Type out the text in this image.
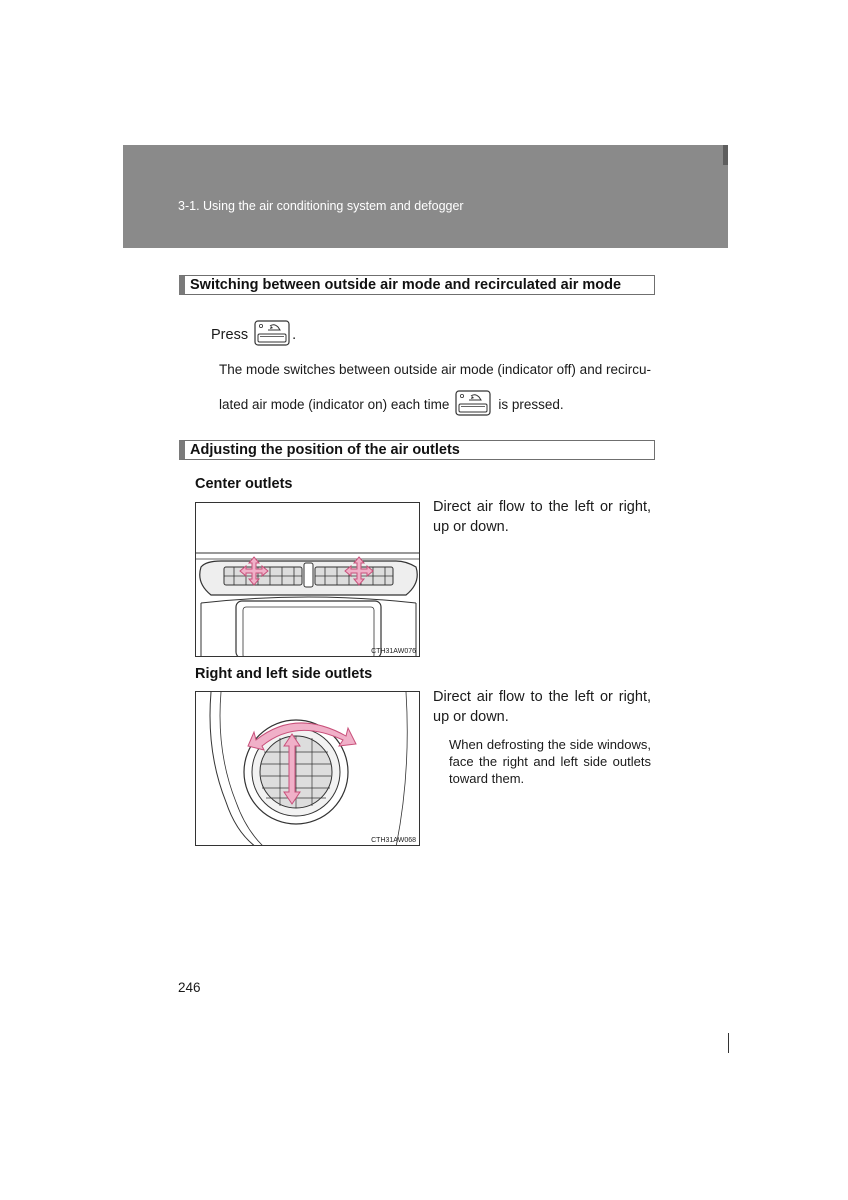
3-1. Using the air conditioning system and defogger
Switching between outside air mode and recirculated air mode
Press	.
The mode switches between outside air mode (indicator off) and recircu-
lated air mode (indicator on) each time	is pressed.
Adjusting the position of the air outlets
Center outlets
CTH31AW076
Direct air flow to the left or right, up or down.
Right and left side outlets
CTH31AW068
Direct air flow to the left or right, up or down.
When defrosting the side windows, face the right and left side outlets toward them.
246
